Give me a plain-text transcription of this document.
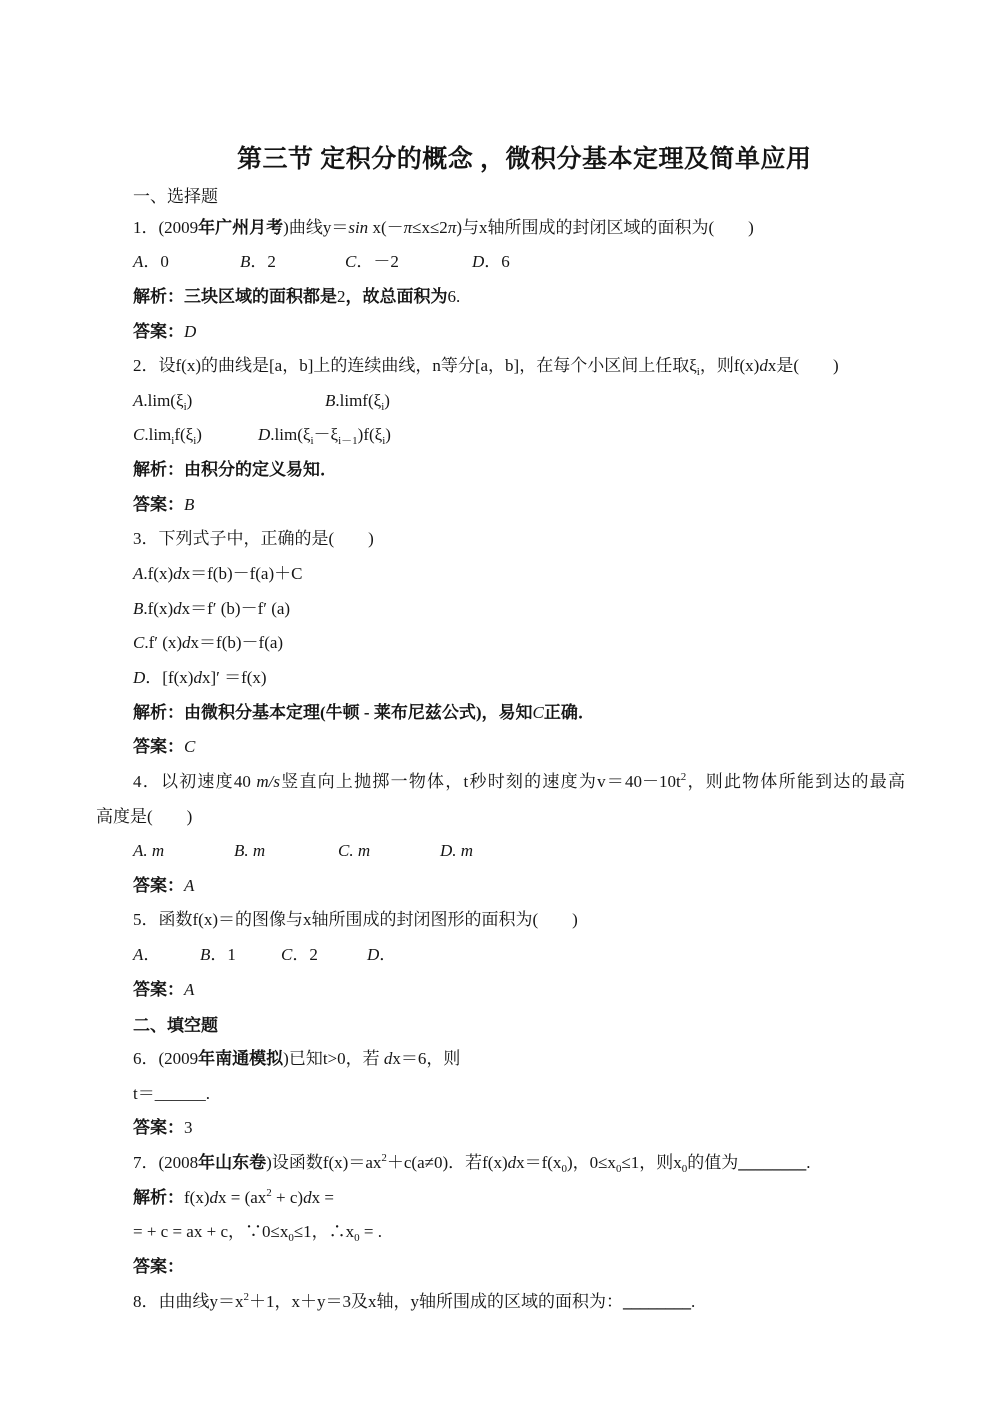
第三节 定积分的概念 ，微积分基本定理及简单应用
一、选择题
1．(2009年广州月考)曲线y＝sin x(－π≤x≤2π)与x轴所围成的封闭区域的面积为(　　)
A．0	B．2	C．－2	D．6
解析：三块区域的面积都是2，故总面积为6.
答案：D
2．设f(x)的曲线是[a，b]上的连续曲线，n等分[a，b]，在每个小区间上任取$\xi_i$，则f(x)dx是(　　)
$A.\lim(\xi_i)$	$B.\lim f(\xi_i)$
$C.\lim_if(\xi_i)$	$D.\lim(\xi_i-\xi_{i-1})f(\xi_i)$
解析：由积分的定义易知．
答案：B
3．下列式子中，正确的是(　　)
A.f(x)dx＝f(b)－f(a)＋C
B.f(x)dx＝f′ (b)－f′ (a)
C.f′ (x)dx＝f(b)－f(a)
D．[f(x)dx]′ ＝f(x)
解析：由微积分基本定理(牛顿 - 莱布尼兹公式)，易知C正确．
答案：C
4．以初速度40 m/s竖直向上抛掷一物体，t秒时刻的速度为$v=40-10t^2$，则此物体所能到达的最高
高度是(　　)
A. m	B. m	C. m	D. m
答案：A
5．函数f(x)＝的图像与x轴所围成的封闭图形的面积为(　　)
A． B．1	C．2	D．
答案：A
二、填空题
6．(2009年南通模拟)已知t>0，若 dx＝6，则
t＝______.
答案：3
7．(2008年山东卷)设函数$f(x)=ax^2+c(a\ne 0)$．若$f(x)dx=f(x_0)$，$0\le x_0\le 1$，则$x_0$的值为________.
解析：$f(x)dx = (ax^2 + c)dx$ =
= + c = ax + c，$\because 0\le x_0\le 1$，$\therefore x_0$ = .
答案：
8．由曲线$y=x^2+1$，x＋y＝3及x轴，y轴所围成的区域的面积为：________.
